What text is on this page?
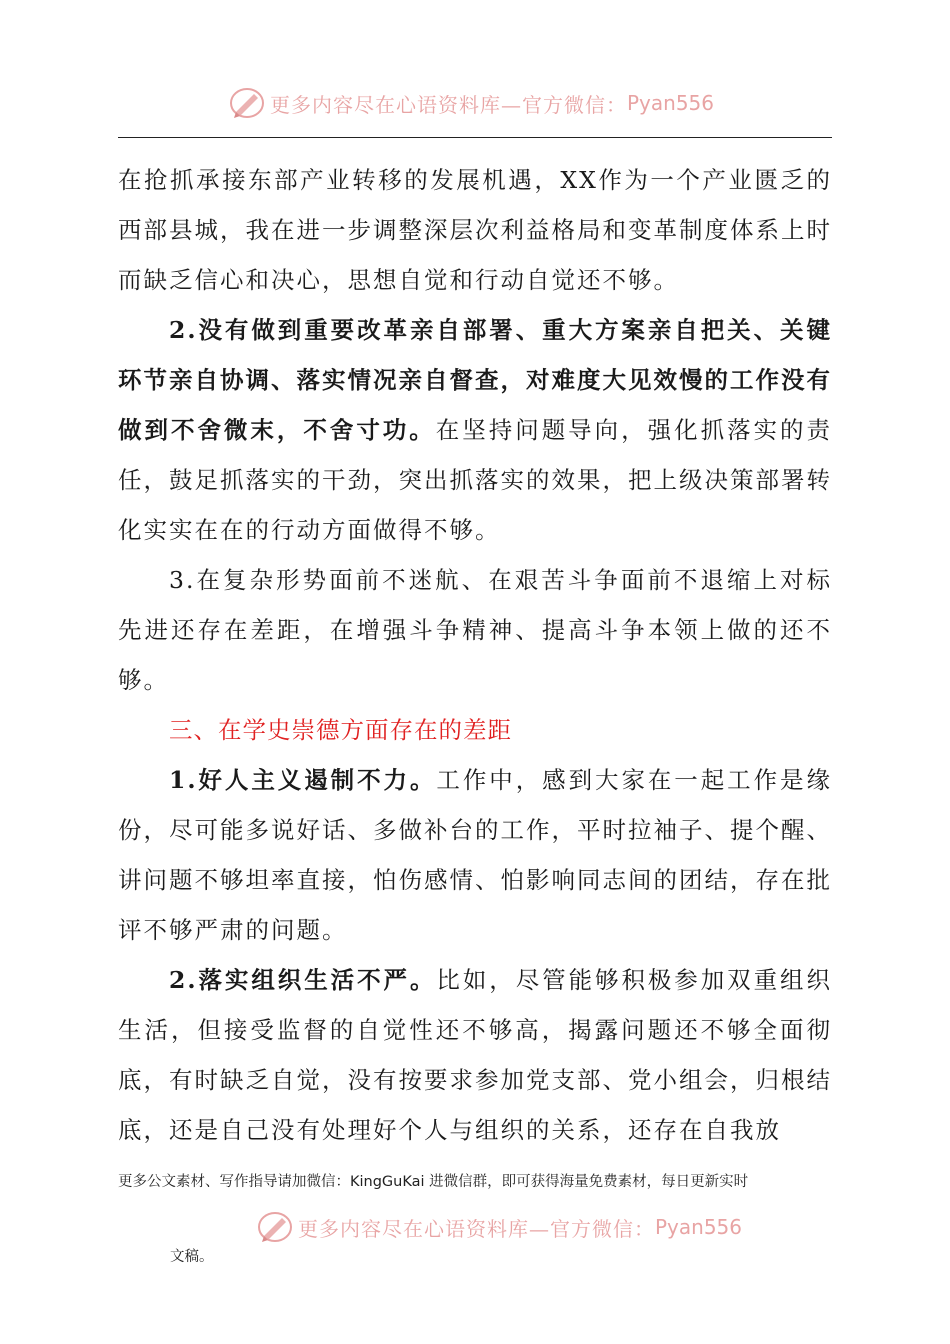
更多内容尽在心语资料库—官方微信： Pyan556

在抢抓承接东部产业转移的发展机遇，XX作为一个产业匮乏的西部县城，我在进一步调整深层次利益格局和变革制度体系上时而缺乏信心和决心，思想自觉和行动自觉还不够。

2.没有做到重要改革亲自部署、重大方案亲自把关、关键环节亲自协调、落实情况亲自督查，对难度大见效慢的工作没有做到不舍微末，不舍寸功。在坚持问题导向，强化抓落实的责任，鼓足抓落实的干劲，突出抓落实的效果，把上级决策部署转化实实在在的行动方面做得不够。

3.在复杂形势面前不迷航、在艰苦斗争面前不退缩上对标先进还存在差距，在增强斗争精神、提高斗争本领上做的还不够。

三、在学史崇德方面存在的差距

1.好人主义遏制不力。工作中，感到大家在一起工作是缘份，尽可能多说好话、多做补台的工作，平时拉袖子、提个醒、讲问题不够坦率直接，怕伤感情、怕影响同志间的团结，存在批评不够严肃的问题。

2.落实组织生活不严。比如，尽管能够积极参加双重组织生活，但接受监督的自觉性还不够高，揭露问题还不够全面彻底，有时缺乏自觉，没有按要求参加党支部、党小组会，归根结底，还是自己没有处理好个人与组织的关系，还存在自我放

更多公文素材、写作指导请加微信：KingGuKai 进微信群，即可获得海量免费素材，每日更新实时
更多内容尽在心语资料库—官方微信： Pyan556
文稿。
